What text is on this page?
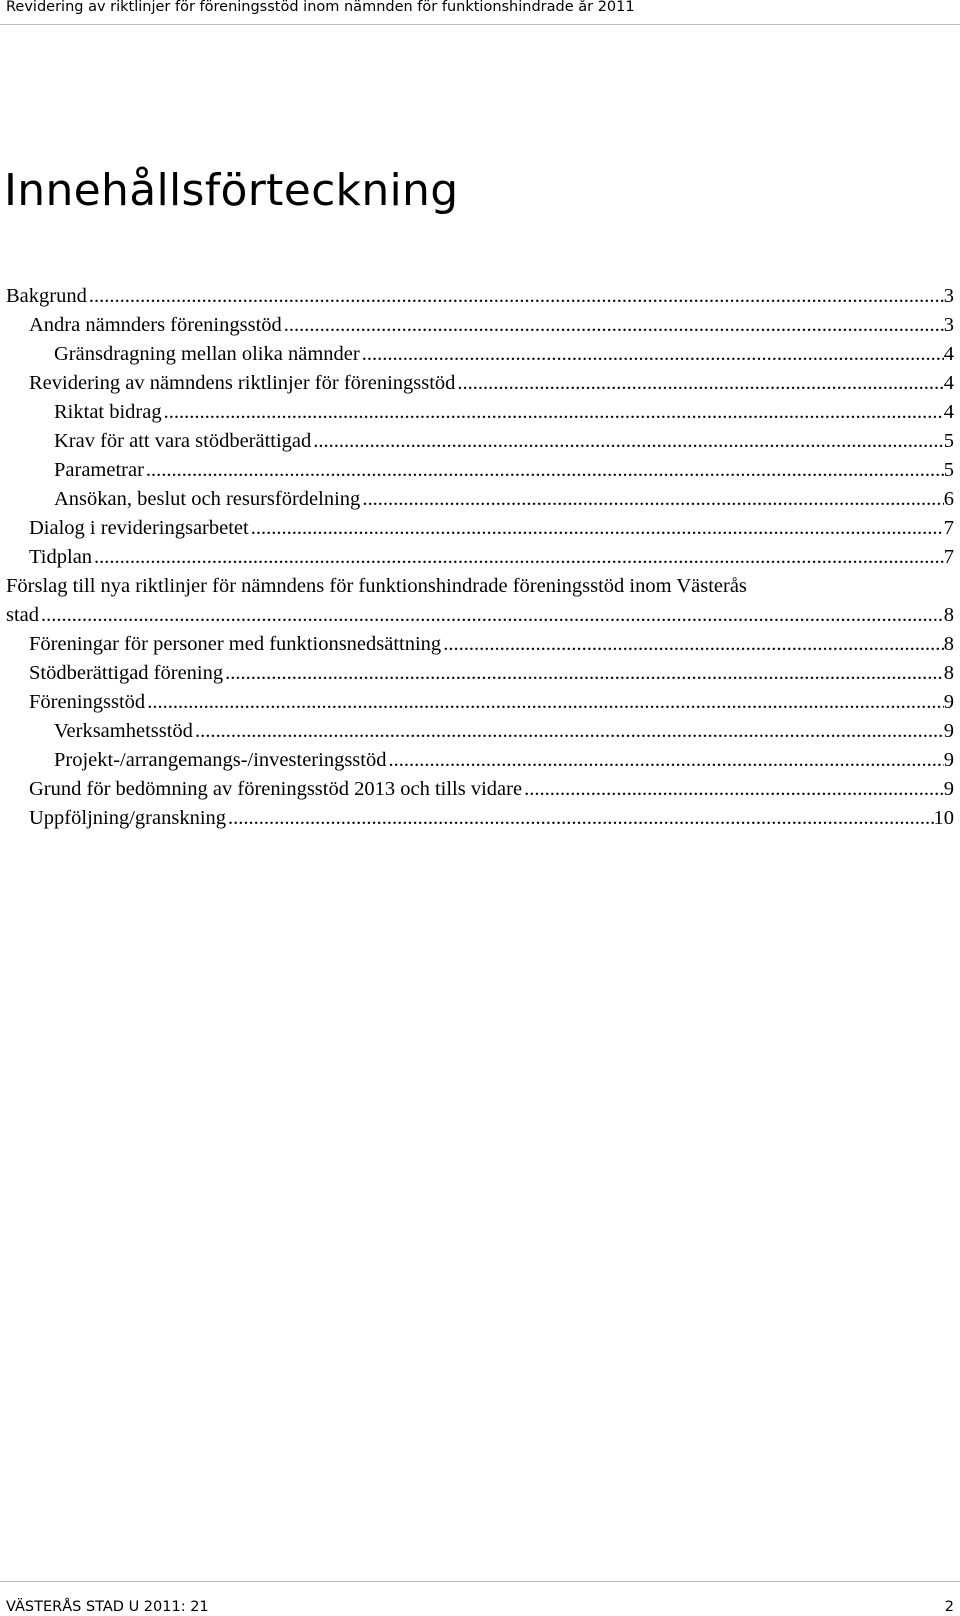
Revidering av riktlinjer för föreningsstöd inom nämnden för funktionshindrade år 2011
Innehållsförteckning
Bakgrund .....	3
Andra nämnders föreningsstöd .....	3
Gränsdragning mellan olika nämnder .....	4
Revidering av nämndens riktlinjer för föreningsstöd .....	4
Riktat bidrag .....	4
Krav för att vara stödberättigad .....	5
Parametrar .....	5
Ansökan, beslut och resursfördelning .....	6
Dialog i revideringsarbetet .....	7
Tidplan .....	7
Förslag till nya riktlinjer för nämndens för funktionshindrade föreningsstöd inom Västerås
stad .....	8
Föreningar för personer med funktionsnedsättning .....	8
Stödberättigad förening .....	8
Föreningsstöd .....	9
Verksamhetsstöd .....	9
Projekt-/arrangemangs-/investeringsstöd .....	9
Grund för bedömning av föreningsstöd 2013 och tills vidare .....	9
Uppföljning/granskning .....	10
VÄSTERÅS STAD U 2011: 21	2
